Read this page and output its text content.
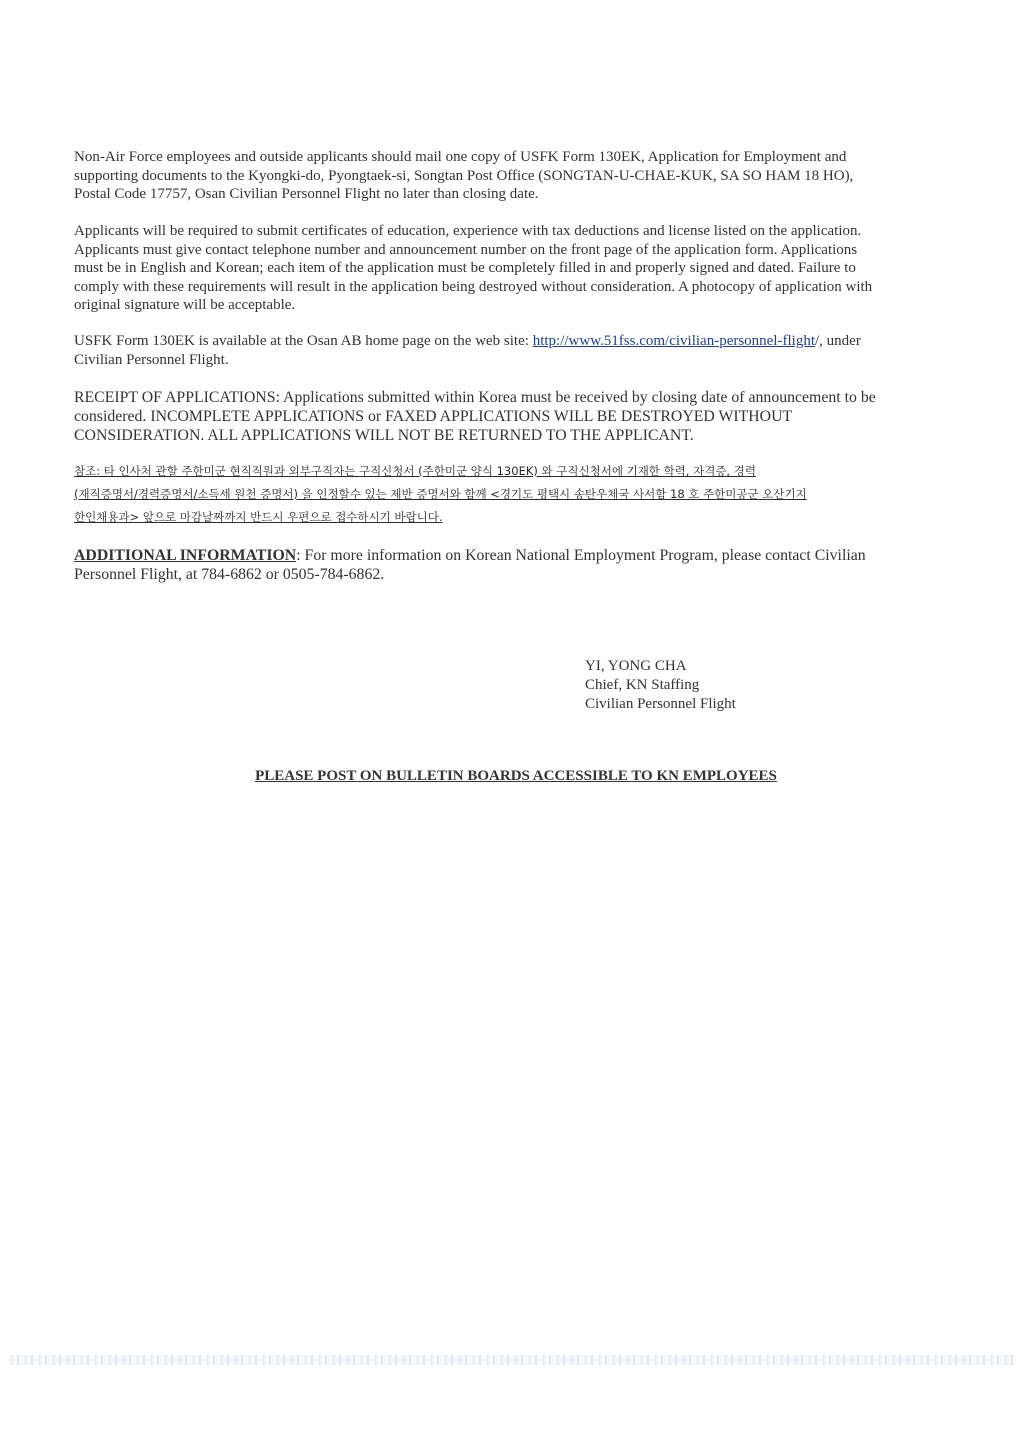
Non-Air Force employees and outside applicants should mail one copy of USFK Form 130EK, Application for Employment and
supporting documents to the Kyongki-do, Pyongtaek-si, Songtan Post Office (SONGTAN-U-CHAE-KUK, SA SO HAM 18 HO),
Postal Code 17757, Osan Civilian Personnel Flight no later than closing date.
Applicants will be required to submit certificates of education, experience with tax deductions and license listed on the application.
Applicants must give contact telephone number and announcement number on the front page of the application form. Applications
must be in English and Korean; each item of the application must be completely filled in and properly signed and dated. Failure to
comply with these requirements will result in the application being destroyed without consideration. A photocopy of application with
original signature will be acceptable.
USFK Form 130EK is available at the Osan AB home page on the web site: http://www.51fss.com/civilian-personnel-flight/, under
Civilian Personnel Flight.
RECEIPT OF APPLICATIONS: Applications submitted within Korea must be received by closing date of announcement to be
considered. INCOMPLETE APPLICATIONS or FAXED APPLICATIONS WILL BE DESTROYED WITHOUT
CONSIDERATION. ALL APPLICATIONS WILL NOT BE RETURNED TO THE APPLICANT.
참조: 타 인사처 관할 주한미군 현직직원과 외부구직자는 구직신청서 (주한미군 양식 130EK) 와 구직신청서에 기재한 학력, 자격증, 경력
(재직증명서/경력증명서/소득세 원천 증명서) 을 인정할수 있는 제반 증명서와 함께 <경기도 평택시 송탄우체국 사서함 18 호 주한미공군 오산기지
한인채용과> 앞으로 마감날짜까지 반드시 우편으로 접수하시기 바랍니다.
ADDITIONAL INFORMATION: For more information on Korean National Employment Program, please contact Civilian
Personnel Flight, at 784-6862 or 0505-784-6862.
YI, YONG CHA
Chief, KN Staffing
Civilian Personnel Flight
PLEASE POST ON BULLETIN BOARDS ACCESSIBLE TO KN EMPLOYEES
